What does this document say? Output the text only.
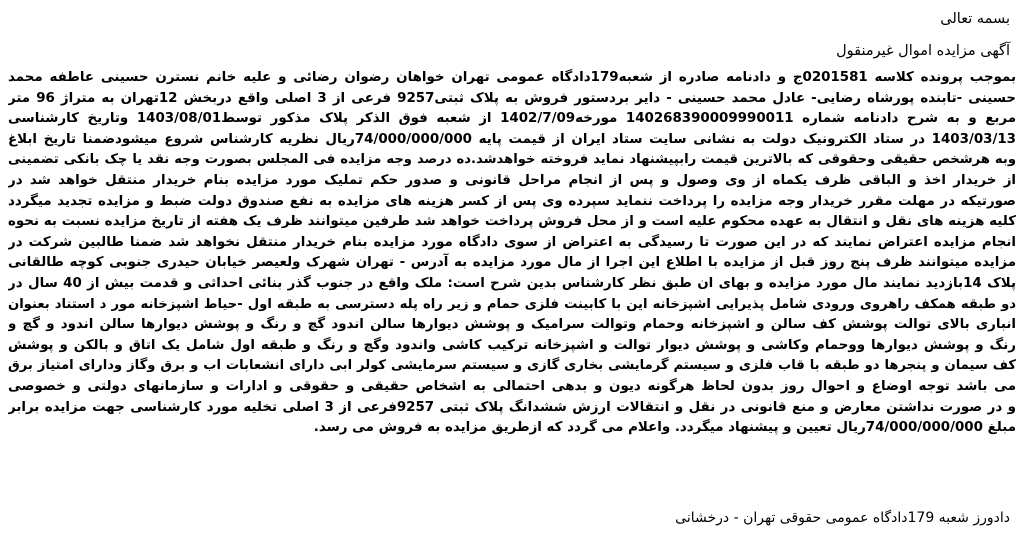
بسمه تعالی
آگهی مزایده اموال غیرمنقول
بموجب پرونده کلاسه 0201581ج و دادنامه صادره از شعبه179دادگاه عمومی تهران خواهان رضوان رضائی و علیه خانم نسترن حسینی عاطفه محمد
حسینی -تابنده پورشاه رضایی- عادل محمد حسینی - دایر بردستور فروش به پلاک ثبتی9257 فرعی از 3 اصلی واقع دربخش 12تهران به متراژ 96 متر
مربع و به شرح دادنامه شماره 140268390009990011 مورخه1402/7/09 از شعبه فوق الذکر پلاک مذکور توسط1403/08/01 وتاریخ کارشناسی
1403/03/13 در ستاد الکترونیک دولت به نشانی سایت ستاد ایران از قیمت پایه 74/000/000/000ریال نظریه کارشناس شروع میشودضمنا تاریخ ابلاغ
وبه هرشخص حقیقی وحقوقی که بالاترین قیمت رابپیشنهاد نماید فروخته خواهدشد.ده درصد وجه مزایده فی المجلس بصورت وجه نقد یا چک بانکی تضمینی
از خریدار اخذ و الباقی ظرف یکماه از وی وصول و پس از انجام مراحل قانونی و صدور حکم تملیک مورد مزایده بنام خریدار منتقل خواهد شد در
صورتیکه در مهلت مقرر خریدار وجه مزایده را پرداخت ننماید سپرده وی پس از کسر هزینه های مزایده به نفع صندوق دولت ضبط و مزایده تجدید میگردد
کلیه هزینه های نقل و انتقال به عهده محکوم علیه است و از محل فروش پرداخت خواهد شد طرفین میتوانند ظرف یک هفته از تاریخ مزایده نسبت به نحوه
انجام مزایده اعتراض نمایند که در این صورت تا رسیدگی به اعتراض از سوی دادگاه مورد مزایده بنام خریدار منتقل نخواهد شد ضمنا طالبین شرکت در
مزایده میتوانند ظرف پنج روز قبل از مزایده با اطلاع این اجرا از مال مورد مزایده به آدرس - تهران شهرک ولعیصر خیابان حیدری جنوبی کوچه طالقانی
پلاک 14بازدید نمایند مال مورد مزایده و بهای ان طبق نظر کارشناس بدین شرح است: ملک واقع در جنوب گذر بنائی احداثی و قدمت بیش از 40 سال در
دو طبقه همکف راهروی ورودی شامل پذیرایی اشپزخانه این با کابینت فلزی حمام و زیر راه پله دسترسی به طبقه اول -حیاط اشپزخانه مور د استناد بعنوان
انباری بالای توالت پوشش کف سالن و اشپزخانه وحمام وتوالت سرامیک و پوشش دیوارها سالن اندود گچ و رنگ و پوشش دیوارها سالن اندود و گچ و
رنگ و پوشش دیوارها ووحمام وکاشی و پوشش دیوار توالت و اشپزخانه ترکیب کاشی واندود وگچ و رنگ و طبقه اول شامل یک اتاق و بالکن و پوشش
کف سیمان و پنجرها دو طبقه با قاب فلزی و سیستم گرمایشی بخاری گازی و سیستم سرمایشی کولر ابی دارای انشعابات اب و برق وگاز ودارای امتیاز برق
می باشد توجه اوضاع و احوال روز بدون لحاظ هرگونه دیون و بدهی احتمالی به اشخاص حقیقی و حقوقی و ادارات و سازمانهای دولتی و خصوصی
و در صورت نداشتن معارض و منع قانونی در نقل و انتقالات ارزش ششدانگ پلاک ثبتی 9257فرعی از 3 اصلی تخلیه مورد کارشناسی جهت مزایده برابر
مبلغ 74/000/000/000ریال تعیین و پیشنهاد میگردد. واعلام می گردد که ازطریق مزایده به فروش می رسد.
دادورز شعبه 179دادگاه عمومی حقوقی تهران - درخشانی
